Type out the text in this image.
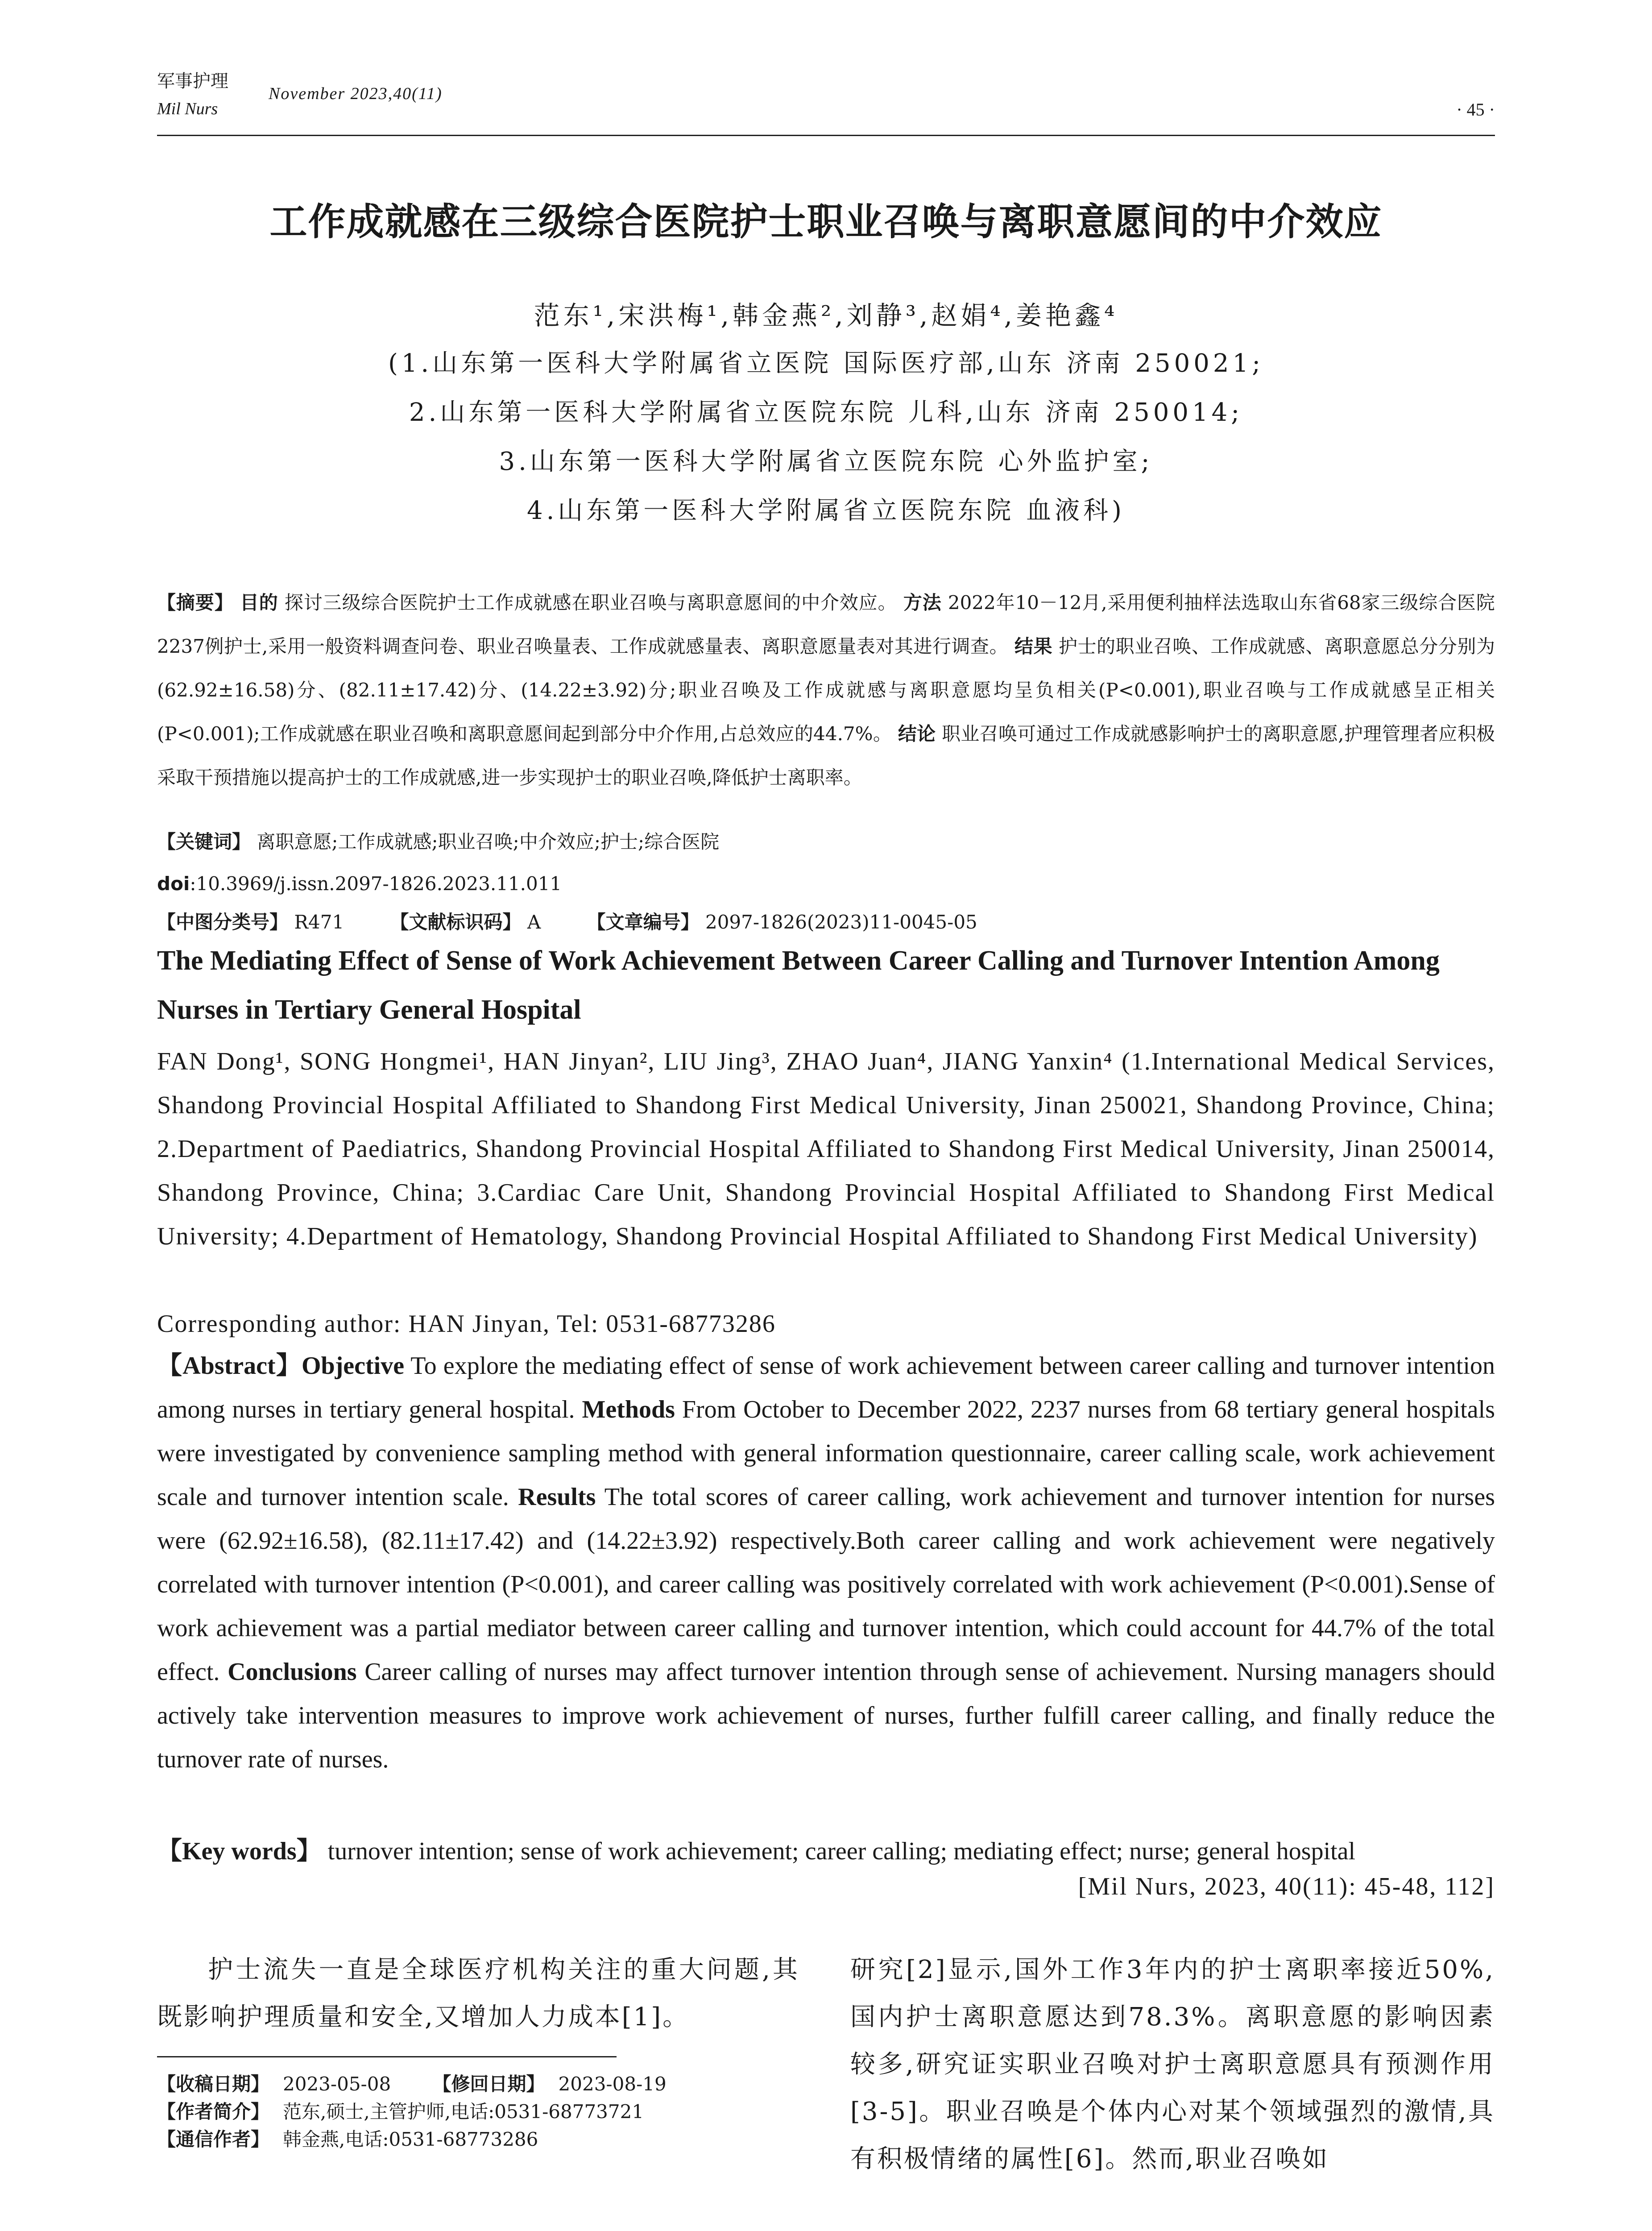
军事护理
Mil Nurs
November 2023,40(11)
· 45 ·
工作成就感在三级综合医院护士职业召唤与离职意愿间的中介效应
范东¹,宋洪梅¹,韩金燕²,刘静³,赵娟⁴,姜艳鑫⁴
(1.山东第一医科大学附属省立医院 国际医疗部,山东 济南 250021;
2.山东第一医科大学附属省立医院东院 儿科,山东 济南 250014;
3.山东第一医科大学附属省立医院东院 心外监护室;
4.山东第一医科大学附属省立医院东院 血液科)
【摘要】 目的 探讨三级综合医院护士工作成就感在职业召唤与离职意愿间的中介效应。 方法 2022年10－12月,采用便利抽样法选取山东省68家三级综合医院2237例护士,采用一般资料调查问卷、职业召唤量表、工作成就感量表、离职意愿量表对其进行调查。 结果 护士的职业召唤、工作成就感、离职意愿总分分别为(62.92±16.58)分、(82.11±17.42)分、(14.22±3.92)分;职业召唤及工作成就感与离职意愿均呈负相关(P<0.001),职业召唤与工作成就感呈正相关(P<0.001);工作成就感在职业召唤和离职意愿间起到部分中介作用,占总效应的44.7%。 结论 职业召唤可通过工作成就感影响护士的离职意愿,护理管理者应积极采取干预措施以提高护士的工作成就感,进一步实现护士的职业召唤,降低护士离职率。
【关键词】 离职意愿;工作成就感;职业召唤;中介效应;护士;综合医院
doi:10.3969/j.issn.2097-1826.2023.11.011
【中图分类号】 R471 【文献标识码】 A 【文章编号】 2097-1826(2023)11-0045-05
The Mediating Effect of Sense of Work Achievement Between Career Calling and Turnover Intention Among Nurses in Tertiary General Hospital
FAN Dong¹, SONG Hongmei¹, HAN Jinyan², LIU Jing³, ZHAO Juan⁴, JIANG Yanxin⁴ (1.International Medical Services, Shandong Provincial Hospital Affiliated to Shandong First Medical University, Jinan 250021, Shandong Province, China; 2.Department of Paediatrics, Shandong Provincial Hospital Affiliated to Shandong First Medical University, Jinan 250014, Shandong Province, China; 3.Cardiac Care Unit, Shandong Provincial Hospital Affiliated to Shandong First Medical University; 4.Department of Hematology, Shandong Provincial Hospital Affiliated to Shandong First Medical University)
Corresponding author: HAN Jinyan, Tel: 0531-68773286
【Abstract】Objective To explore the mediating effect of sense of work achievement between career calling and turnover intention among nurses in tertiary general hospital. Methods From October to December 2022, 2237 nurses from 68 tertiary general hospitals were investigated by convenience sampling method with general information questionnaire, career calling scale, work achievement scale and turnover intention scale. Results The total scores of career calling, work achievement and turnover intention for nurses were (62.92±16.58), (82.11±17.42) and (14.22±3.92) respectively.Both career calling and work achievement were negatively correlated with turnover intention (P<0.001), and career calling was positively correlated with work achievement (P<0.001).Sense of work achievement was a partial mediator between career calling and turnover intention, which could account for 44.7% of the total effect. Conclusions Career calling of nurses may affect turnover intention through sense of achievement. Nursing managers should actively take intervention measures to improve work achievement of nurses, further fulfill career calling, and finally reduce the turnover rate of nurses.
【Key words】 turnover intention; sense of work achievement; career calling; mediating effect; nurse; general hospital
[Mil Nurs, 2023, 40(11): 45-48, 112]
护士流失一直是全球医疗机构关注的重大问题,其既影响护理质量和安全,又增加人力成本[1]。
研究[2]显示,国外工作3年内的护士离职率接近50%,国内护士离职意愿达到78.3%。离职意愿的影响因素较多,研究证实职业召唤对护士离职意愿具有预测作用[3-5]。职业召唤是个体内心对某个领域强烈的激情,具有积极情绪的属性[6]。然而,职业召唤如
【收稿日期】 2023-05-08 【修回日期】 2023-08-19
【作者简介】 范东,硕士,主管护师,电话:0531-68773721
【通信作者】 韩金燕,电话:0531-68773286
